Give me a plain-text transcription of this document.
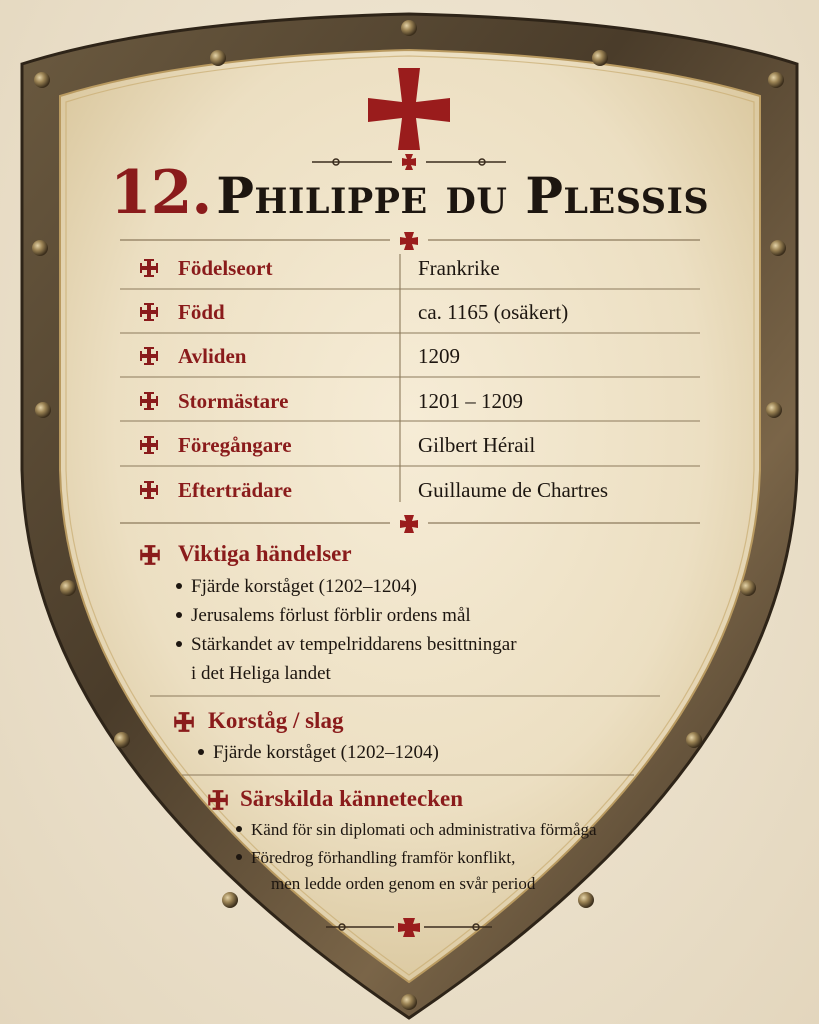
12. Philippe du Plessis
Födelseort	Frankrike
Född	ca. 1165 (osäkert)
Avliden	1209
Stormästare	1201 – 1209
Föregångare	Gilbert Hérail
Efterträdare	Guillaume de Chartres
Viktiga händelser
Fjärde korståget (1202–1204)
Jerusalems förlust förblir ordens mål
Stärkandet av tempelriddarens besittningar
i det Heliga landet
Korståg / slag
Fjärde korståget (1202–1204)
Särskilda kännetecken
Känd för sin diplomati och administrativa förmåga
Föredrog förhandling framför konflikt,
men ledde orden genom en svår period
